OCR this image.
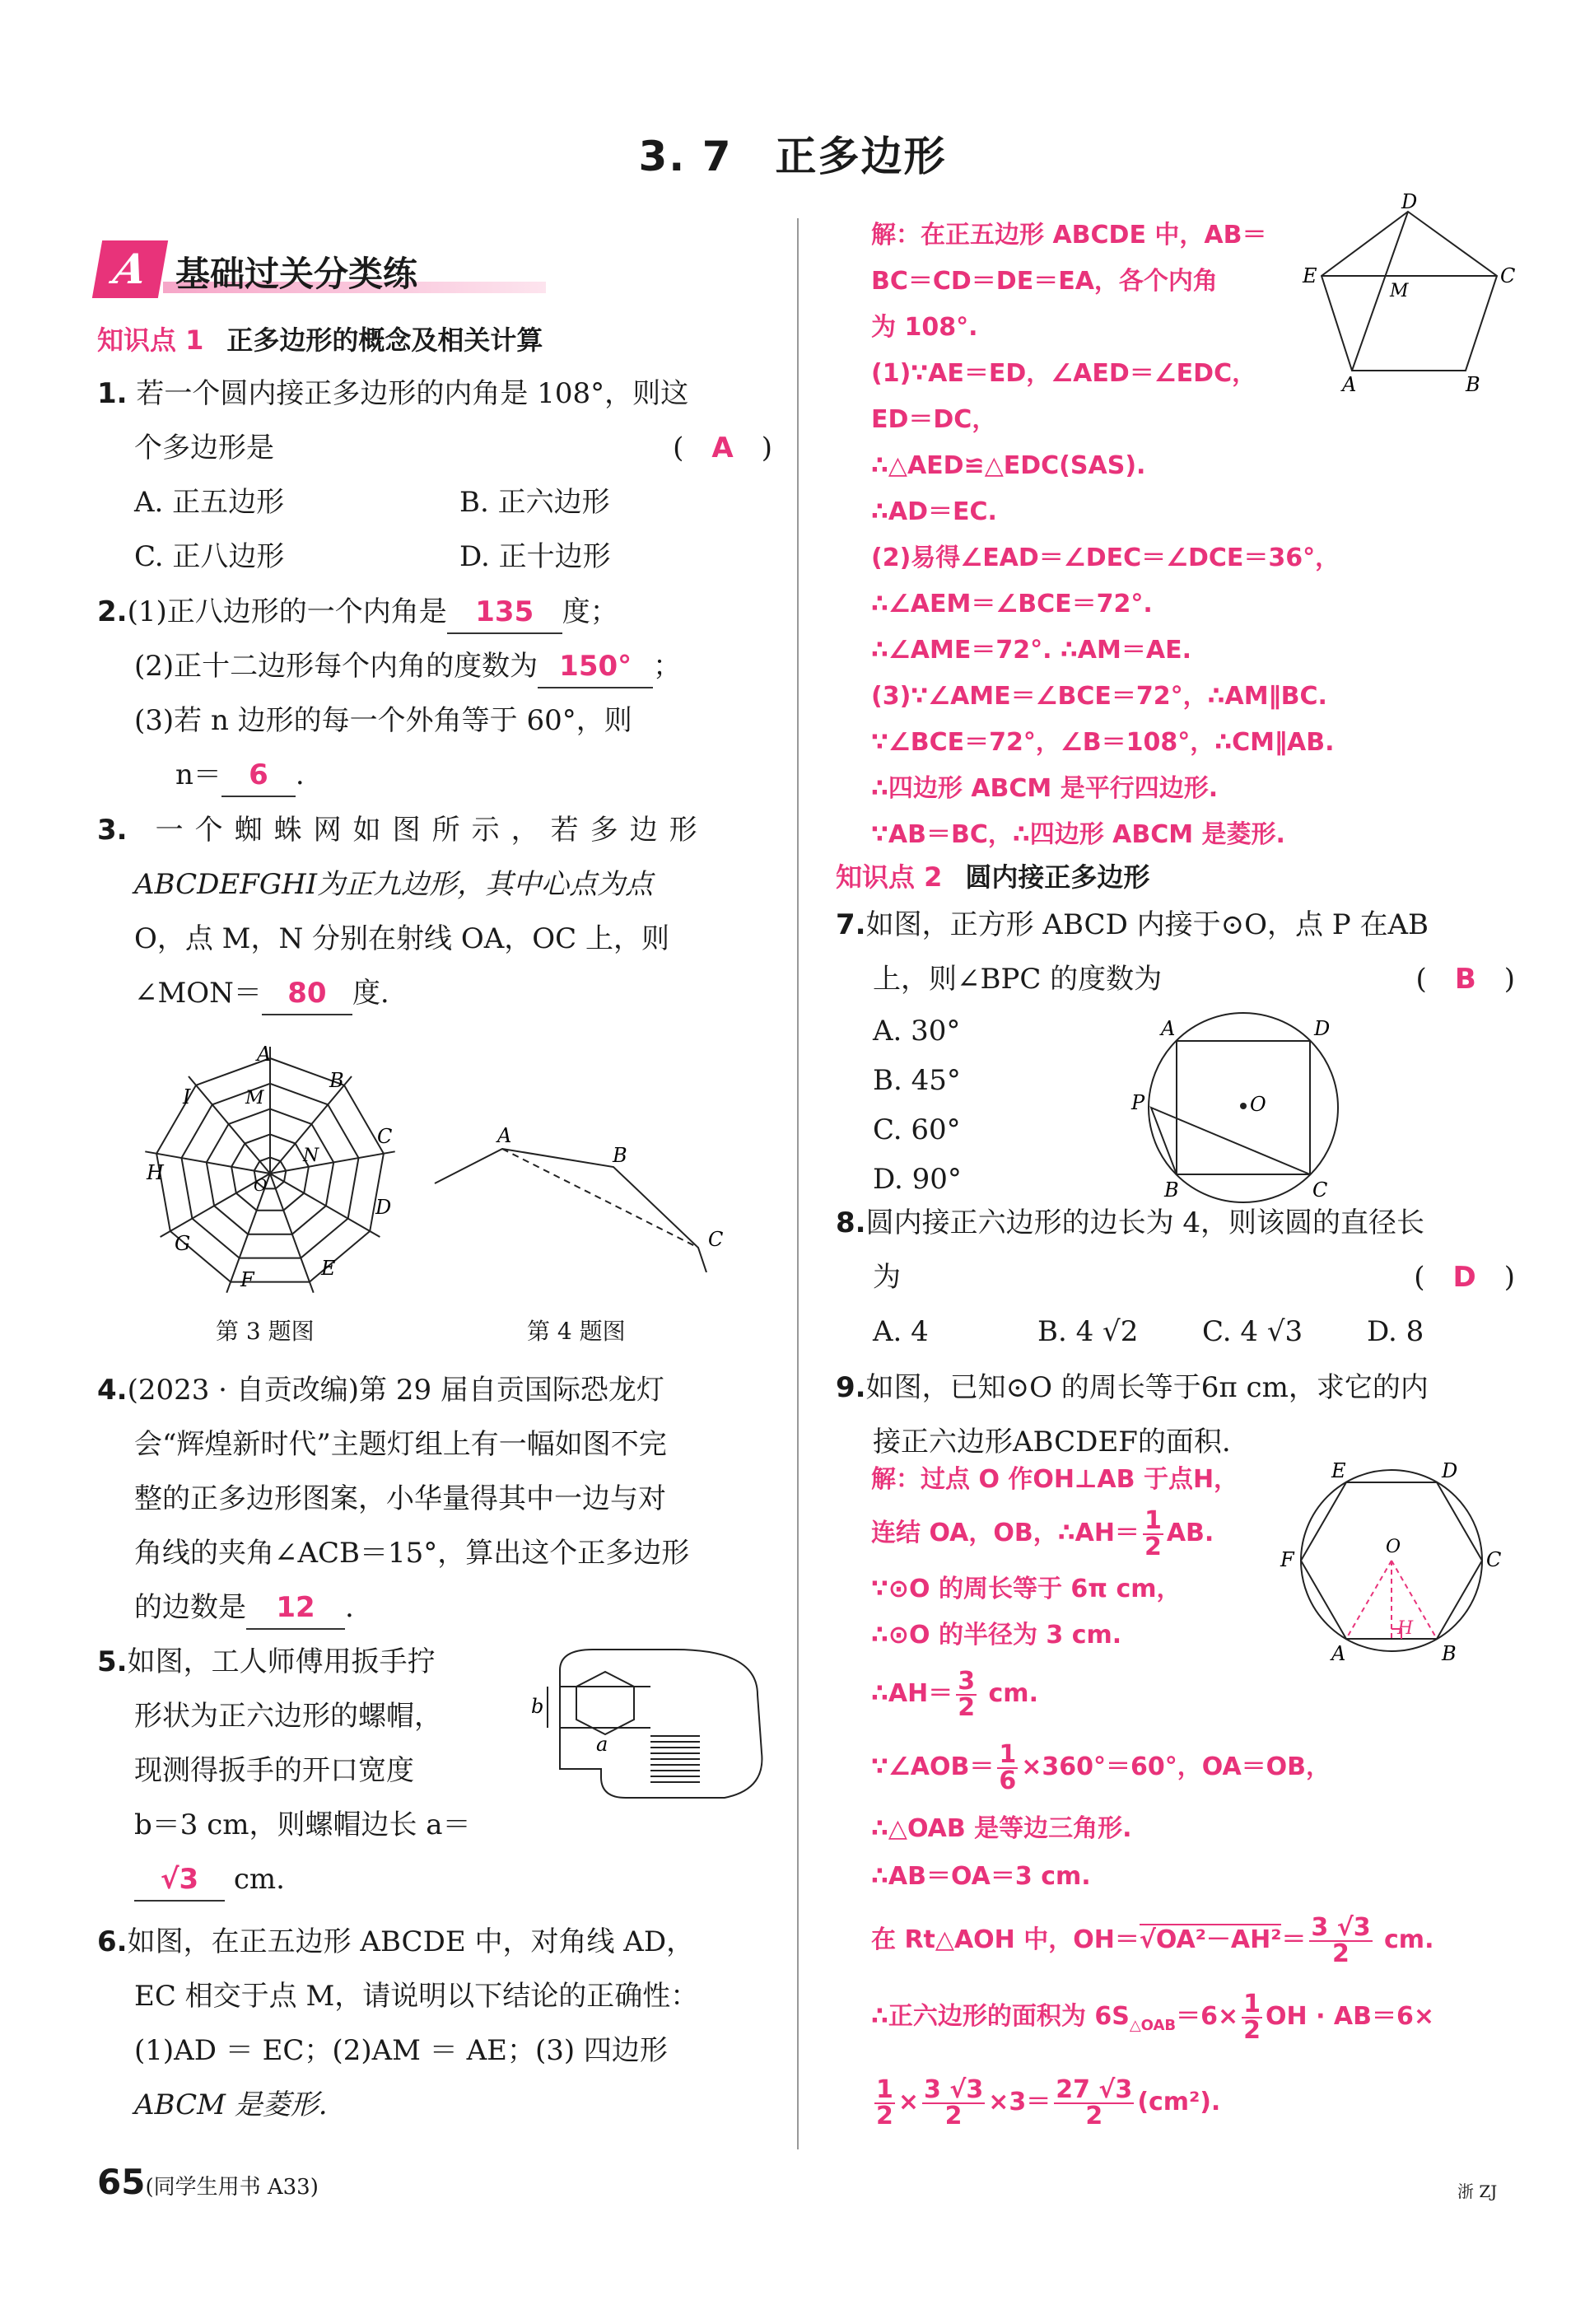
3. 7　正多边形
A 基础过关分类练
知识点 1 正多边形的概念及相关计算
1. 若一个圆内接正多边形的内角是 108°，则这
个多边形是	(　A　)
A. 正五边形	B. 正六边形
C. 正八边形	D. 正十边形
2.(1)正八边形的一个内角是 135 度；
(2)正十二边形每个内角的度数为 150° ；
(3)若 n 边形的每一个外角等于 60°，则
n＝ 6 .
3.　 一个蜘蛛网如图所示，若多边形
ABCDEFGHI为正九边形，其中心点为点
O，点 M，N 分别在射线 OA，OC 上，则
∠MON＝ 80 度.
A
B
C
D
E
F
G
H
I	M
N
O
第 3 题图
A
B
C
第 4 题图
4.(2023 · 自贡改编)第 29 届自贡国际恐龙灯
会“辉煌新时代”主题灯组上有一幅如图不完
整的正多边形图案，小华量得其中一边与对
角线的夹角∠ACB＝15°，算出这个正多边形
的边数是 12 .
5.如图，工人师傅用扳手拧
形状为正六边形的螺帽，
现测得扳手的开口宽度
b＝3 cm，则螺帽边长 a＝
√3 cm.
b
a
6.如图，在正五边形 ABCDE 中，对角线 AD，
EC 相交于点 M，请说明以下结论的正确性：
(1)AD ＝ EC；(2)AM ＝ AE；(3) 四边形
ABCM 是菱形.
解：在正五边形 ABCDE 中，AB＝
BC＝CD＝DE＝EA，各个内角
为 108°.
(1)∵AE＝ED，∠AED＝∠EDC，
ED＝DC，
∴△AED≌△EDC(SAS).
∴AD＝EC.
(2)易得∠EAD＝∠DEC＝∠DCE＝36°，
∴∠AEM＝∠BCE＝72°.
∴∠AME＝72°. ∴AM＝AE.
(3)∵∠AME＝∠BCE＝72°，∴AM∥BC.
∵∠BCE＝72°，∠B＝108°，∴CM∥AB.
∴四边形 ABCM 是平行四边形.
∵AB＝BC，∴四边形 ABCM 是菱形.
D
E	C
M
A	B
知识点 2 圆内接正多边形
7.如图，正方形 ABCD 内接于⊙O，点 P 在AB
上，则∠BPC 的度数为	(　B　)
A. 30°
B. 45°
C. 60°
D. 90°
A	D
P	O
B	C
8.圆内接正六边形的边长为 4，则该圆的直径长
为	(　D　)
A. 4	B. 4 √2 C. 4 √3 D. 8
9.如图，已知⊙O 的周长等于6π cm，求它的内
接正六边形ABCDEF的面积.
E	D
F
O
C
H
A	B
解：过点 O 作OH⊥AB 于点H，
连结 OA，OB，∴AH＝ $\frac{1}{2}$ AB.
∵⊙O 的周长等于 6π cm，
∴⊙O 的半径为 3 cm.
∴AH＝ $\frac{3}{2}$ cm.
∵∠AOB＝ $\frac{1}{6} \times 360^\circ=60^\circ$，OA＝OB，
∴△OAB 是等边三角形.
∴AB＝OA＝3 cm.
在 Rt△AOH 中，$OH=√OA^2-AH^2= \frac{3 √3}{2}$ cm.
∴正六边形的面积为 $6S_{\triangle OAB}=6\times \frac{1}{2}$ OH · AB＝6×
$\frac{1}{2} \times \frac{3 √3}{2} \times 3= \frac{27 √3}{2} (cm^2)$.
65(同学生用书 A33)	浙 ZJ
